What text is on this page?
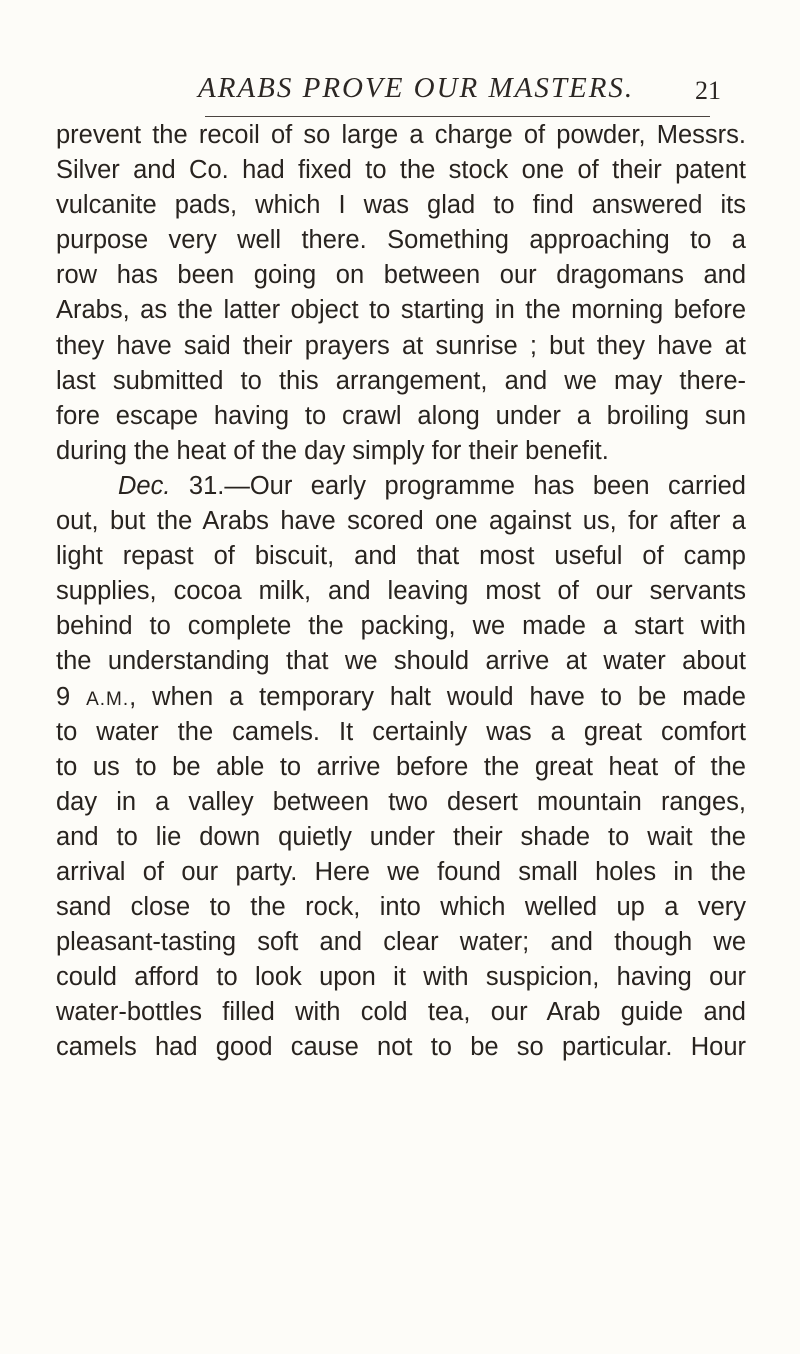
ARABS PROVE OUR MASTERS. 21
prevent the recoil of so large a charge of powder, Messrs.
Silver and Co. had fixed to the stock one of their patent
vulcanite pads, which I was glad to find answered its
purpose very well there. Something approaching to a
row has been going on between our dragomans and
Arabs, as the latter object to starting in the morning before
they have said their prayers at sunrise ; but they have at
last submitted to this arrangement, and we may there-
fore escape having to crawl along under a broiling sun
during the heat of the day simply for their benefit.
Dec. 31.—Our early programme has been carried
out, but the Arabs have scored one against us, for after a
light repast of biscuit, and that most useful of camp
supplies, cocoa milk, and leaving most of our servants
behind to complete the packing, we made a start with
the understanding that we should arrive at water about
9 A.M., when a temporary halt would have to be made
to water the camels. It certainly was a great comfort
to us to be able to arrive before the great heat of the
day in a valley between two desert mountain ranges,
and to lie down quietly under their shade to wait the
arrival of our party. Here we found small holes in the
sand close to the rock, into which welled up a very
pleasant-tasting soft and clear water; and though we
could afford to look upon it with suspicion, having our
water-bottles filled with cold tea, our Arab guide and
camels had good cause not to be so particular. Hour
